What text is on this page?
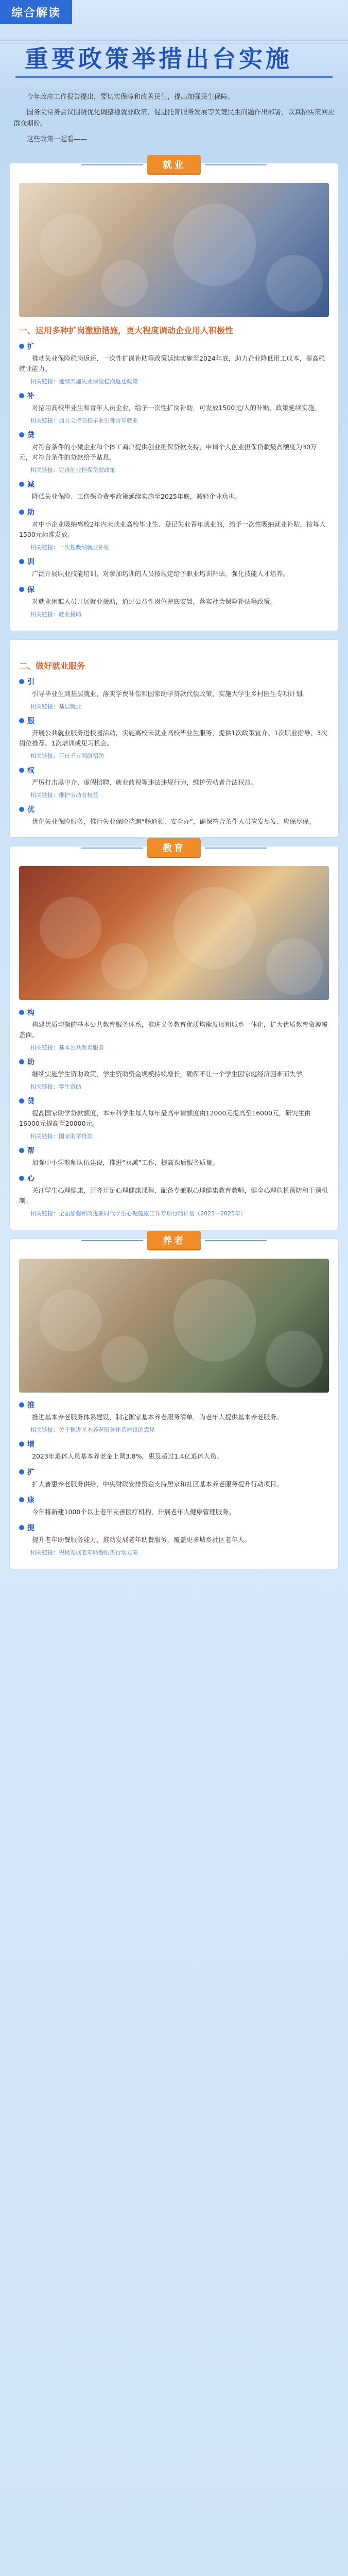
综合解读
重要政策举措出台实施

今年政府工作报告提出，要切实保障和改善民生，提出加强民生保障。

国务院常务会议围绕优化调整稳就业政策、促进托育服务发展等关键民生问题作出部署，以真招实策回应群众期盼。

这些政策一起看——

就业
一、运用多种扩岗激励措施，更大程度调动企业用人积极性
扩

推动失业保险稳岗返还、一次性扩岗补助等政策延续实施至2024年底，助力企业降低用工成本，提高稳就业能力。

相关链接：延续实施失业保险稳岗返还政策

补

对招用高校毕业生和青年人员企业，给予一次性扩岗补助，可发放1500元/人的补贴，政策延续实施。

相关链接：加力支持高校毕业生等青年就业

贷

对符合条件的小微企业和个体工商户提供创业担保贷款支持，申请个人创业担保贷款最高额度为30万元，对符合条件的贷款给予贴息。

相关链接：完善创业担保贷款政策

减

降低失业保险、工伤保险费率政策延续实施至2025年底，减轻企业负担。

助

对中小企业吸纳离校2年内未就业高校毕业生、登记失业青年就业的，给予一次性吸纳就业补贴，按每人1500元标准发放。

相关链接：一次性吸纳就业补贴

训

广泛开展职业技能培训，对参加培训的人员按规定给予职业培训补贴，强化技能人才培养。

保

对就业困难人员开展就业援助，通过公益性岗位兜底安置，落实社会保险补贴等政策。

相关链接：就业援助

二、做好就业服务
引

引导毕业生到基层就业，落实学费补偿和国家助学贷款代偿政策，实施大学生乡村医生专项计划。

相关链接：基层就业

服

开展公共就业服务进校园活动，实施离校未就业高校毕业生服务，提供1次政策宣介、1次职业指导、3次岗位推荐、1次培训或见习机会。

相关链接：百日千万网络招聘

权

严厉打击黑中介、虚假招聘、就业歧视等违法违规行为，维护劳动者合法权益。

相关链接：维护劳动者权益

优

优化失业保险服务，推行失业保险待遇“畅通领、安全办”，确保符合条件人员应发尽发、应保尽保。

教育
构

构建优质均衡的基本公共教育服务体系，推进义务教育优质均衡发展和城乡一体化，扩大优质教育资源覆盖面。

相关链接：基本公共教育服务

助

继续实施学生资助政策，学生资助资金规模持续增长，确保不让一个学生因家庭经济困难而失学。

相关链接：学生资助

贷

提高国家助学贷款额度，本专科学生每人每年最高申请额度由12000元提高至16000元，研究生由16000元提高至20000元。

相关链接：国家助学贷款

帮

加强中小学教师队伍建设，推进“双减”工作，提高课后服务质量。

心

关注学生心理健康，开齐开足心理健康课程，配备专兼职心理健康教育教师，健全心理危机预防和干预机制。

相关链接：全面加强和改进新时代学生心理健康工作专项行动计划（2023—2025年）

养老
推

推进基本养老服务体系建设，制定国家基本养老服务清单，为老年人提供基本养老服务。

相关链接：关于推进基本养老服务体系建设的意见

增

2023年退休人员基本养老金上调3.8%，惠及超过1.4亿退休人员。

扩

扩大普惠养老服务供给，中央财政安排资金支持居家和社区基本养老服务提升行动项目。

康

今年将新建1000个以上老年友善医疗机构，开展老年人健康管理服务。

提

提升老年助餐服务能力，推动发展老年助餐服务，覆盖更多城乡社区老年人。

相关链接：积极发展老年助餐服务行动方案
